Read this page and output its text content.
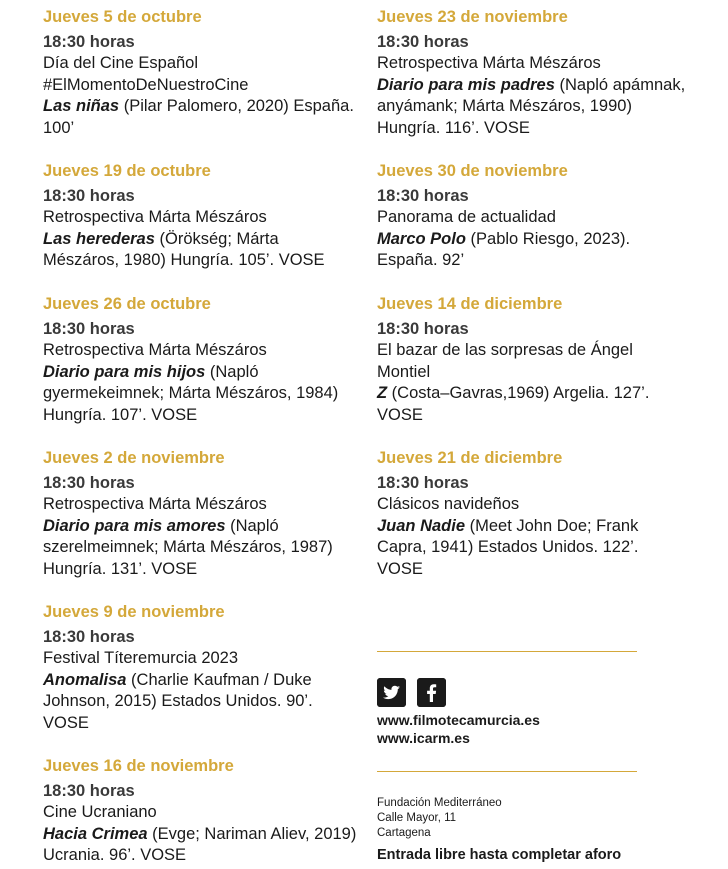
Jueves 5 de octubre
18:30 horas
Día del Cine Español
#ElMomentoDeNuestroCine
Las niñas (Pilar Palomero, 2020) España. 100’
Jueves 19 de octubre
18:30 horas
Retrospectiva Márta Mészáros
Las herederas (Örökség; Márta Mészáros, 1980) Hungría. 105’. VOSE
Jueves 26 de octubre
18:30 horas
Retrospectiva Márta Mészáros
Diario para mis hijos (Napló gyermekeimnek; Márta Mészáros, 1984) Hungría. 107’. VOSE
Jueves 2 de noviembre
18:30 horas
Retrospectiva Márta Mészáros
Diario para mis amores (Napló szerelmeimnek; Márta Mészáros, 1987) Hungría. 131’. VOSE
Jueves 9 de noviembre
18:30 horas
Festival Títeremurcia 2023
Anomalisa (Charlie Kaufman / Duke Johnson, 2015) Estados Unidos. 90’. VOSE
Jueves 16 de noviembre
18:30 horas
Cine Ucraniano
Hacia Crimea (Evge; Nariman Aliev, 2019) Ucrania. 96’. VOSE
Jueves 23 de noviembre
18:30 horas
Retrospectiva Márta Mészáros
Diario para mis padres (Napló apámnak, anyámank; Márta Mészáros, 1990) Hungría. 116’. VOSE
Jueves 30 de noviembre
18:30 horas
Panorama de actualidad
Marco Polo (Pablo Riesgo, 2023). España. 92’
Jueves 14 de diciembre
18:30 horas
El bazar de las sorpresas de Ángel Montiel
Z (Costa–Gavras,1969) Argelia. 127’. VOSE
Jueves 21 de diciembre
18:30 horas
Clásicos navideños
Juan Nadie (Meet John Doe; Frank Capra, 1941) Estados Unidos. 122’. VOSE
www.filmotecamurcia.es
www.icarm.es
Fundación Mediterráneo
Calle Mayor, 11
Cartagena
Entrada libre hasta completar aforo
